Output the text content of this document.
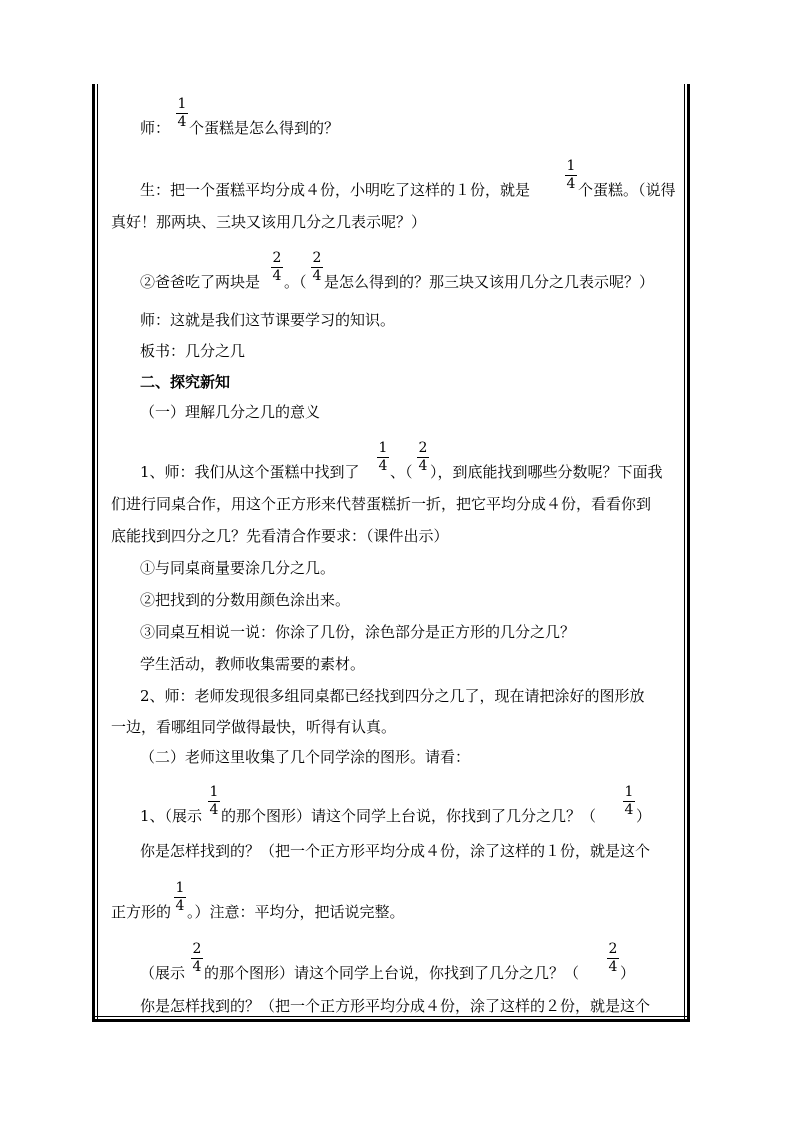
师： $\frac{1}{4}$ 个蛋糕是怎么得到的？
生：把一个蛋糕平均分成４份，小明吃了这样的１份，就是 $\frac{1}{4}$ 个蛋糕。（说得
真好！那两块、三块又该用几分之几表示呢？）
②爸爸吃了两块是 $\frac{2}{4}$ 。（ $\frac{2}{4}$ 是怎么得到的？那三块又该用几分之几表示呢？）
师：这就是我们这节课要学习的知识。
板书：几分之几
二、探究新知
（一）理解几分之几的意义
1、师：我们从这个蛋糕中找到了 $\frac{1}{4}$ 、（ $\frac{2}{4}$ ），到底能找到哪些分数呢？下面我
们进行同桌合作，用这个正方形来代替蛋糕折一折，把它平均分成４份，看看你到
底能找到四分之几？先看清合作要求：（课件出示）
①与同桌商量要涂几分之几。
②把找到的分数用颜色涂出来。
③同桌互相说一说：你涂了几份，涂色部分是正方形的几分之几？
学生活动，教师收集需要的素材。
2、师：老师发现很多组同桌都已经找到四分之几了，现在请把涂好的图形放
一边，看哪组同学做得最快，听得有认真。
（二）老师这里收集了几个同学涂的图形。请看：
1、（展示 $\frac{1}{4}$ 的那个图形）请这个同学上台说，你找到了几分之几？（ $\frac{1}{4}$ ）
你是怎样找到的？（把一个正方形平均分成４份，涂了这样的１份，就是这个
正方形的 $\frac{1}{4}$ 。）注意：平均分，把话说完整。
（展示 $\frac{2}{4}$ 的那个图形）请这个同学上台说，你找到了几分之几？（ $\frac{2}{4}$ ）
你是怎样找到的？（把一个正方形平均分成４份，涂了这样的２份，就是这个
